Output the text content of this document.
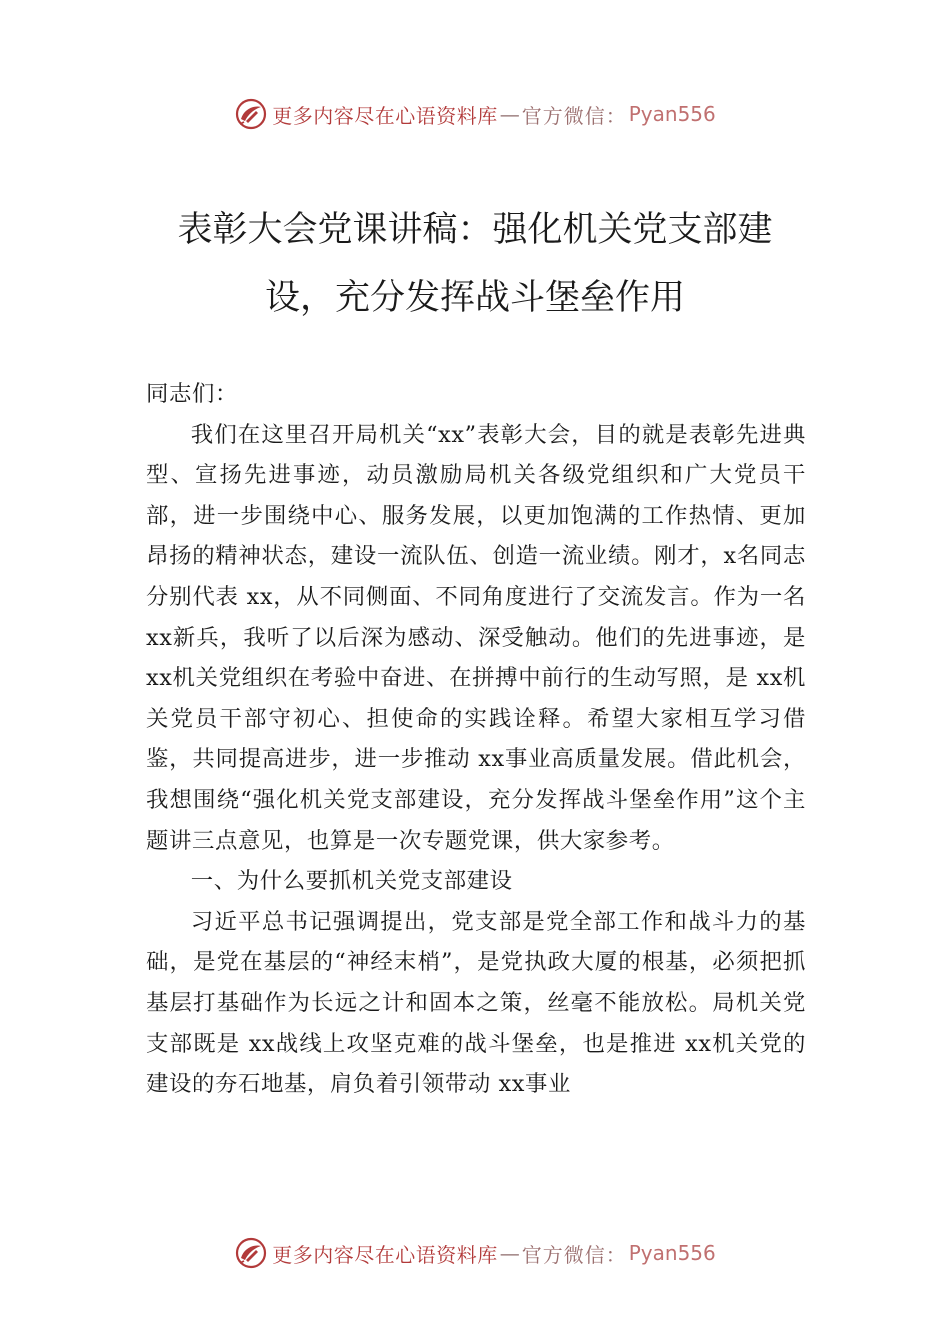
更多内容尽在心语资料库 — 官方微信： Pyan556
表彰大会党课讲稿：强化机关党支部建
设，充分发挥战斗堡垒作用

同志们：

我们在这里召开局机关“xx”表彰大会，目的就是表彰先进典型、宣扬先进事迹，动员激励局机关各级党组织和广大党员干部，进一步围绕中心、服务发展，以更加饱满的工作热情、更加昂扬的精神状态，建设一流队伍、创造一流业绩。刚才，x名同志分别代表 xx，从不同侧面、不同角度进行了交流发言。作为一名 xx新兵，我听了以后深为感动、深受触动。他们的先进事迹，是 xx机关党组织在考验中奋进、在拼搏中前行的生动写照，是 xx机关党员干部守初心、担使命的实践诠释。希望大家相互学习借鉴，共同提高进步，进一步推动 xx事业高质量发展。借此机会，我想围绕“强化机关党支部建设，充分发挥战斗堡垒作用”这个主题讲三点意见，也算是一次专题党课，供大家参考。

一、为什么要抓机关党支部建设

习近平总书记强调提出，党支部是党全部工作和战斗力的基础，是党在基层的“神经末梢”，是党执政大厦的根基，必须把抓基层打基础作为长远之计和固本之策，丝毫不能放松。局机关党支部既是 xx战线上攻坚克难的战斗堡垒，也是推进 xx机关党的建设的夯石地基，肩负着引领带动 xx事业

更多内容尽在心语资料库 — 官方微信： Pyan556
